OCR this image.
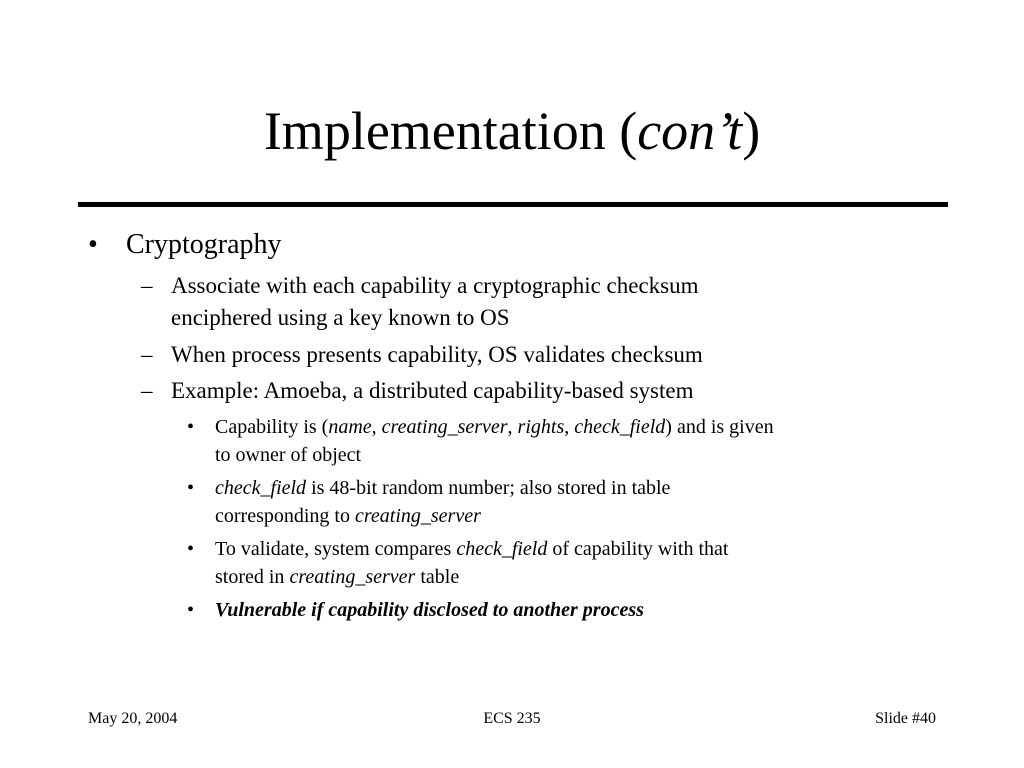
Implementation (con’t)
• Cryptography
– Associate with each capability a cryptographic checksum
enciphered using a key known to OS
– When process presents capability, OS validates checksum
– Example: Amoeba, a distributed capability-based system
• Capability is (name, creating_server, rights, check_field) and is given
to owner of object
• check_field is 48-bit random number; also stored in table
corresponding to creating_server
• To validate, system compares check_field of capability with that
stored in creating_server table
• Vulnerable if capability disclosed to another process
May 20, 2004	ECS 235	Slide #40
